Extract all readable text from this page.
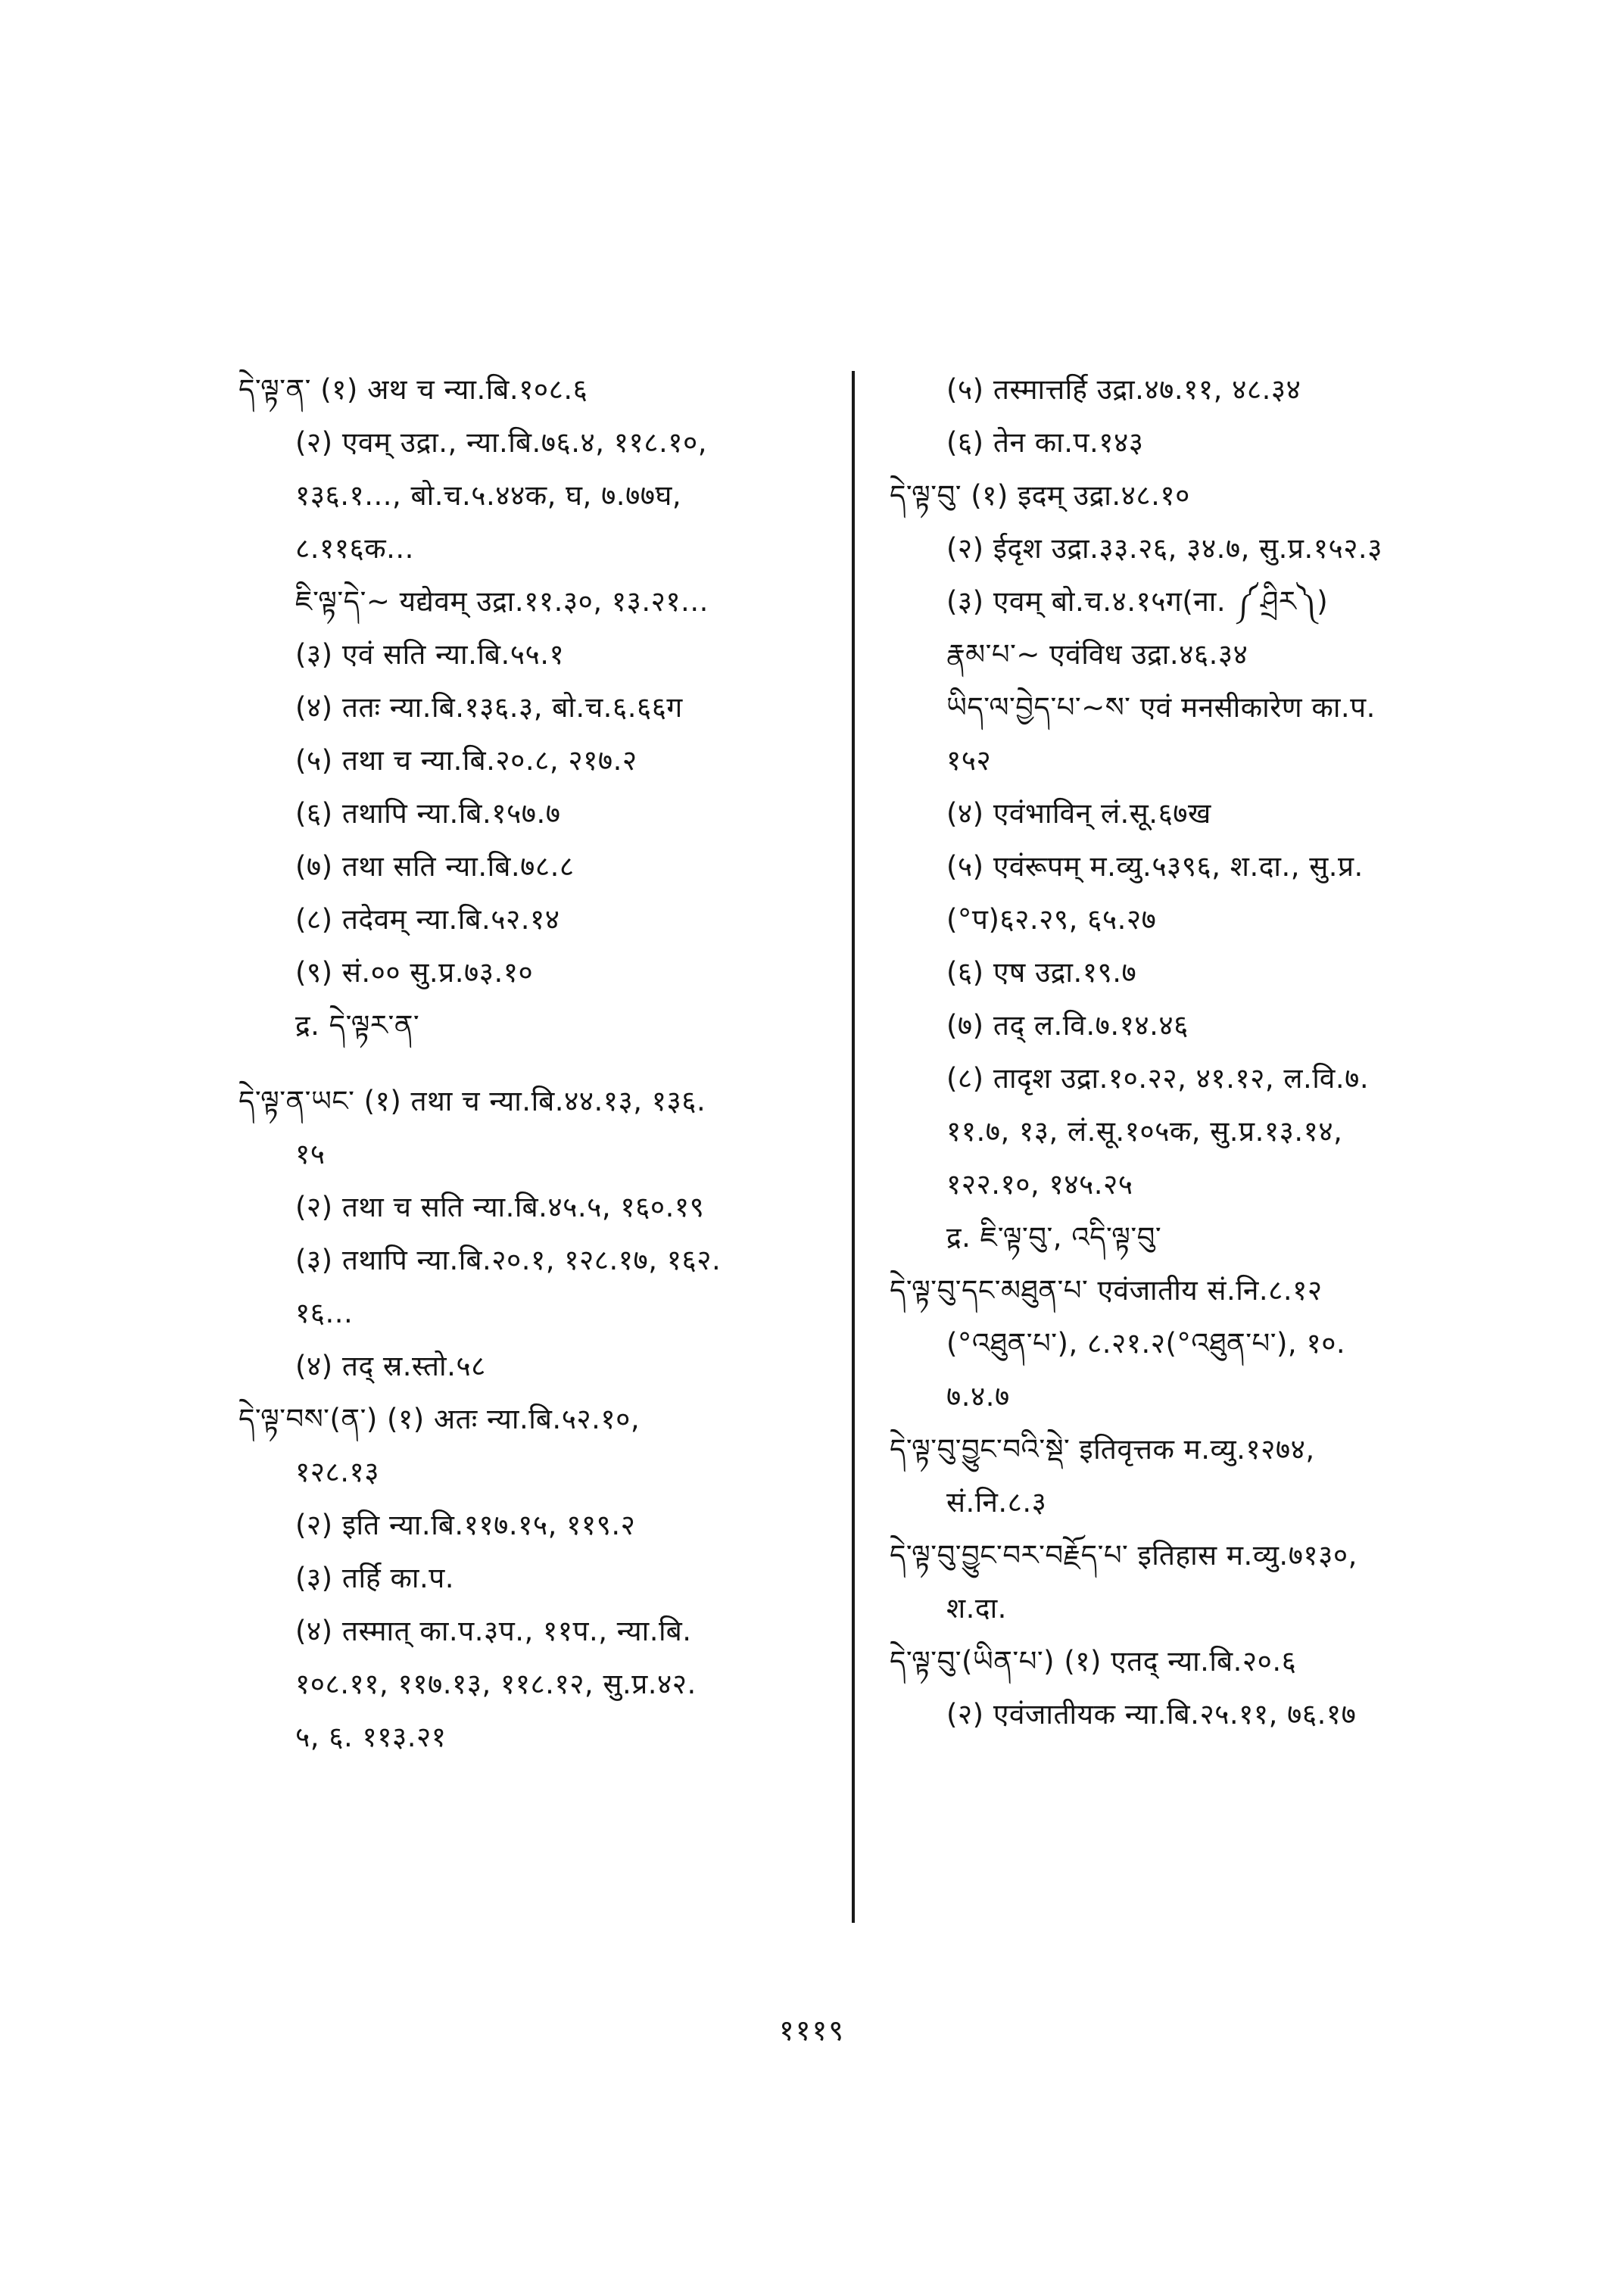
དེ་ལྟ་ན་ (१) अथ च न्या.बि.१०८.६
(२) एवम् उद्रा., न्या.बि.७६.४, ११८.१०,
१३६.१..., बो.च.५.४४क, घ, ७.७७घ,
८.११६क...
ཇི་ལྟ་དེ་~ यद्येवम् उद्रा.११.३०, १३.२१...
(३) एवं सति न्या.बि.५५.१
(४) ततः न्या.बि.१३६.३, बो.च.६.६६ग
(५) तथा च न्या.बि.२०.८, २१७.२
(६) तथापि न्या.बि.१५७.७
(७) तथा सति न्या.बि.७८.८
(८) तदेवम् न्या.बि.५२.१४
(९) सं.०० सु.प्र.७३.१०
द्र. དེ་ལྟར་ན་
དེ་ལྟ་ན་ཡང་ (१) तथा च न्या.बि.४४.१३, १३६.
१५
(२) तथा च सति न्या.बि.४५.५, १६०.१९
(३) तथापि न्या.बि.२०.१, १२८.१७, १६२.
१६...
(४) तद् स्र.स्तो.५८
དེ་ལྟ་བས་(ན་) (१) अतः न्या.बि.५२.१०,
१२८.१३
(२) इति न्या.बि.११७.१५, ११९.२
(३) तर्हि का.प.
(४) तस्मात् का.प.३प., ११प., न्या.बि.
१०८.११, ११७.१३, ११८.१२, सु.प्र.४२.
५, ६. ११३.२१
(५) तस्मात्तर्हि उद्रा.४७.११, ४८.३४
(६) तेन का.प.१४३
དེ་ལྟ་བུ་ (१) इदम् उद्रा.४८.१०
(२) ईदृश उद्रा.३३.२६, ३४.७, सु.प्र.१५२.३
(३) एवम् बो.च.४.१५ग(ना. ༼ཤྲིར༽)
རྣམ་པ་~ एवंविध उद्रा.४६.३४
ཡིད་ལ་བྱེད་པ་~ས་ एवं मनसीकारेण का.प.
१५२
(४) एवंभाविन् लं.सू.६७ख
(५) एवंरूपम् म.व्यु.५३९६, श.दा., सु.प्र.
(°प)६२.२९, ६५.२७
(६) एष उद्रा.१९.७
(७) तद् ल.वि.७.१४.४६
(८) तादृश उद्रा.१०.२२, ४१.१२, ल.वि.७.
११.७, १३, लं.सू.१०५क, सु.प्र.१३.१४,
१२२.१०, १४५.२५
द्र. ཇི་ལྟ་བུ་, འདི་ལྟ་བུ་
དེ་ལྟ་བུ་དང་མཐུན་པ་ एवंजातीय सं.नि.८.१२
(°འཐུན་པ་), ८.२१.२(°འཐུན་པ་), १०.
७.४.७
དེ་ལྟ་བུ་བྱུང་བའི་སྡེ་ इतिवृत्तक म.व्यु.१२७४,
सं.नि.८.३
དེ་ལྟ་བུ་བྱུང་བར་བརྗོད་པ་ इतिहास म.व्यु.७१३०,
श.दा.
དེ་ལྟ་བུ་(ཡིན་པ་) (१) एतद् न्या.बि.२०.६
(२) एवंजातीयक न्या.बि.२५.११, ७६.१७
१११९
